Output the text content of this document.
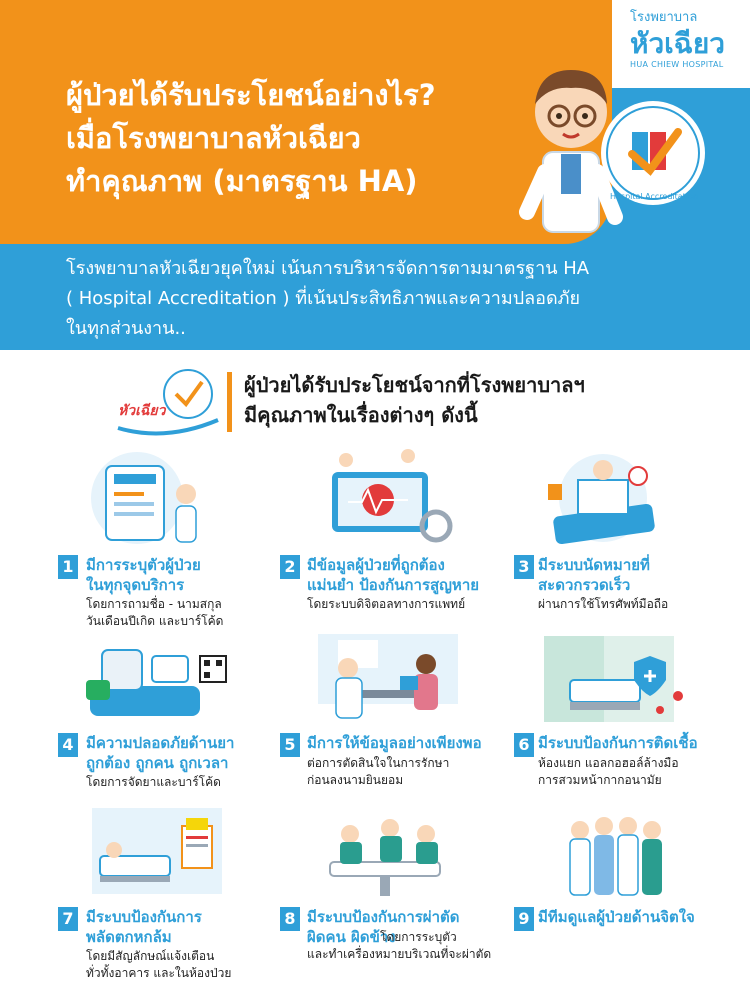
ผู้ป่วยได้รับประโยชน์อย่างไร?
เมื่อโรงพยาบาลหัวเฉียว
ทำคุณภาพ (มาตรฐาน HA)
โรงพยาบาลหัวเฉียวยุคใหม่ เน้นการบริหารจัดการตามมาตรฐาน HA
( Hospital Accreditation ) ที่เน้นประสิทธิภาพและความปลอดภัย
ในทุกส่วนงาน..
โรงพยาบาล
หัวเฉียว
HUA CHIEW HOSPITAL
Hospital Accreditation
หัวเฉียว
ผู้ป่วยได้รับประโยชน์จากที่โรงพยาบาลฯ
มีคุณภาพในเรื่องต่างๆ ดังนี้
1 มีการระบุตัวผู้ป่วย
ในทุกจุดบริการ
โดยการถามชื่อ - นามสกุล
วันเดือนปีเกิด และบาร์โค้ด
2 มีข้อมูลผู้ป่วยที่ถูกต้อง
แม่นยำ ป้องกันการสูญหาย
โดยระบบดิจิตอลทางการแพทย์
3 มีระบบนัดหมายที่
สะดวกรวดเร็ว
ผ่านการใช้โทรศัพท์มือถือ
4 มีความปลอดภัยด้านยา
ถูกต้อง ถูกคน ถูกเวลา
โดยการจัดยาและบาร์โค้ด
5 มีการให้ข้อมูลอย่างเพียงพอ
ต่อการตัดสินใจในการรักษา
ก่อนลงนามยินยอม
6 มีระบบป้องกันการติดเชื้อ
ห้องแยก แอลกอฮอล์ล้างมือ
การสวมหน้ากากอนามัย
7 มีระบบป้องกันการ
พลัดตกหกล้ม
โดยมีสัญลักษณ์แจ้งเตือน
ทั่วทั้งอาคาร และในห้องป่วย
8 มีระบบป้องกันการผ่าตัด
ผิดคน ผิดข้าง
โดยการระบุตัว
และทำเครื่องหมายบริเวณที่จะผ่าตัด
9 มีทีมดูแลผู้ป่วยด้านจิตใจ
